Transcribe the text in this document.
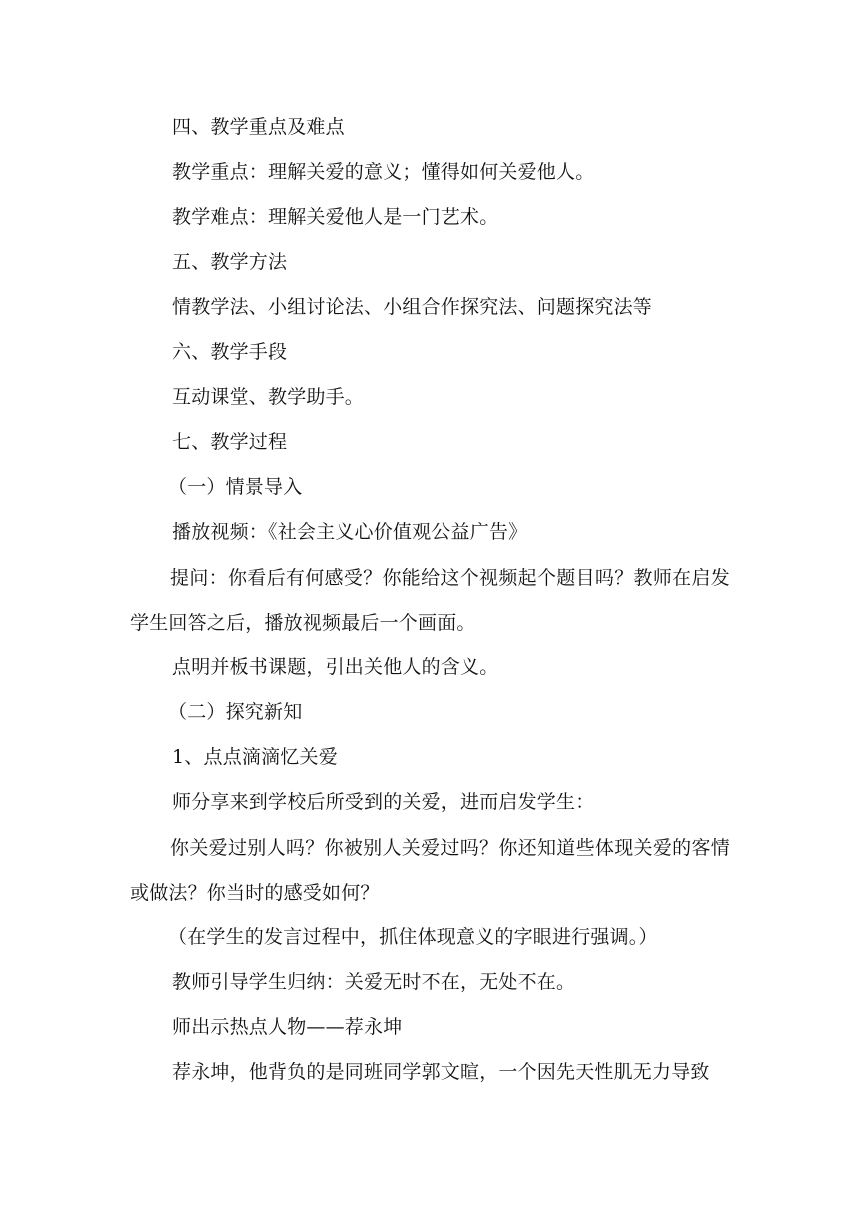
四、教学重点及难点
教学重点：理解关爱的意义；懂得如何关爱他人。
教学难点：理解关爱他人是一门艺术。
五、教学方法
情教学法、小组讨论法、小组合作探究法、问题探究法等
六、教学手段
互动课堂、教学助手。
七、教学过程
（一）情景导入
播放视频：《社会主义心价值观公益广告》
提问：你看后有何感受？你能给这个视频起个题目吗？教师在启发学生回答之后，播放视频最后一个画面。
点明并板书课题，引出关他人的含义。
（二）探究新知
1、点点滴滴忆关爱
师分享来到学校后所受到的关爱，进而启发学生：
你关爱过别人吗？你被别人关爱过吗？你还知道些体现关爱的客情或做法？你当时的感受如何？
（在学生的发言过程中，抓住体现意义的字眼进行强调。）
教师引导学生归纳：关爱无时不在，无处不在。
师出示热点人物——荐永坤
荐永坤，他背负的是同班同学郭文暄，一个因先天性肌无力导致
